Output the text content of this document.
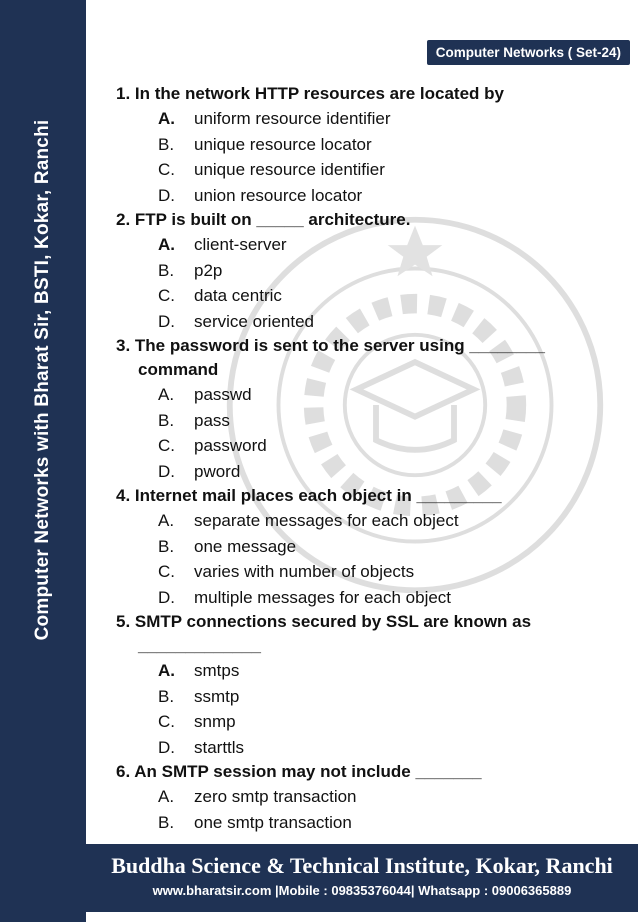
Computer Networks with Bharat Sir, BSTI, Kokar, Ranchi
Computer Networks ( Set-24)
1. In the network HTTP resources are located by
A.	uniform resource identifier
B.	unique resource locator
C.	unique resource identifier
D.	union resource locator
2. FTP is built on _____ architecture.
A.	client-server
B.	p2p
C.	data centric
D.	service oriented
3. The password is sent to the server using ________
command
A.	passwd
B.	pass
C.	password
D.	pword
4. Internet mail places each object in _________
A.	separate messages for each object
B.	one message
C.	varies with number of objects
D.	multiple messages for each object
5. SMTP connections secured by SSL are known as
_____________
A.	smtps
B.	ssmtp
C.	snmp
D.	starttls
6. An SMTP session may not include _______
A.	zero smtp transaction
B.	one smtp transaction
Buddha Science & Technical Institute, Kokar, Ranchi
www.bharatsir.com |Mobile : 09835376044| Whatsapp : 09006365889
